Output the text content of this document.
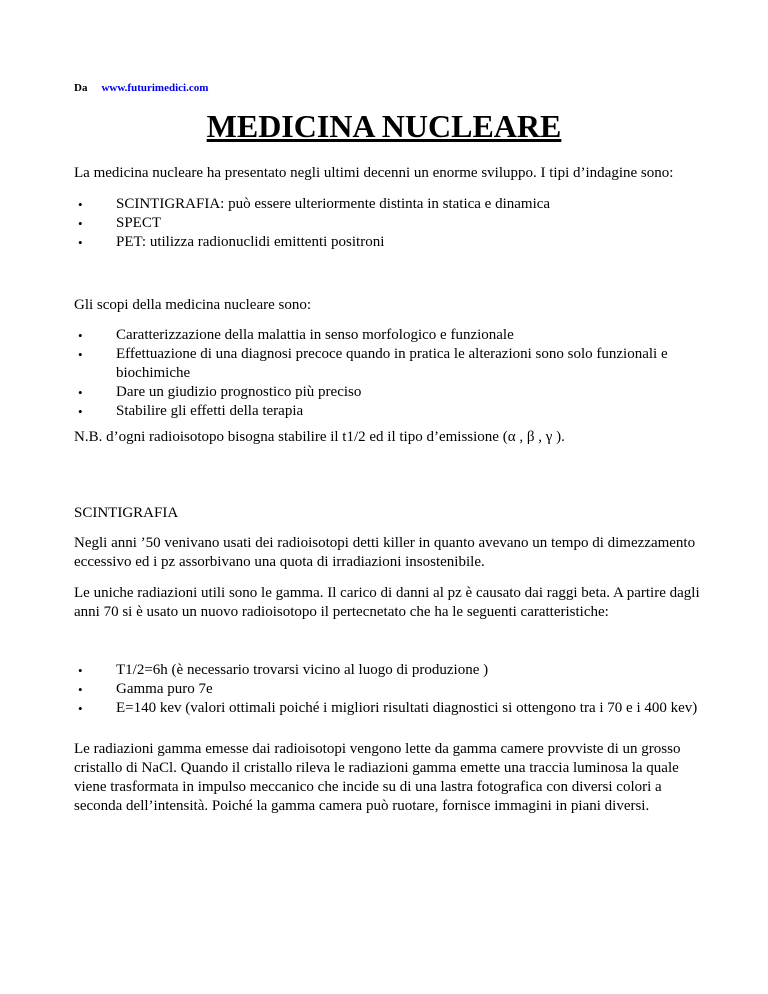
Da www.futurimedici.com
MEDICINA NUCLEARE

La medicina nucleare ha presentato negli ultimi decenni un enorme sviluppo. I tipi d’indagine sono:

• SCINTIGRAFIA: può essere ulteriormente distinta in statica e dinamica
• SPECT
• PET: utilizza radionuclidi emittenti positroni

Gli scopi della medicina nucleare sono:

• Caratterizzazione della malattia in senso morfologico e funzionale
• Effettuazione di una diagnosi precoce quando in pratica le alterazioni sono solo funzionali e biochimiche
• Dare un giudizio prognostico più preciso
• Stabilire gli effetti della terapia

N.B. d’ogni radioisotopo bisogna stabilire il t1/2 ed il tipo d’emissione (α , β , γ ).

SCINTIGRAFIA

Negli anni ’50 venivano usati dei radioisotopi detti killer in quanto avevano un tempo di dimezzamento eccessivo ed i pz assorbivano una quota di irradiazioni insostenibile.

Le uniche radiazioni utili sono le gamma. Il carico di danni al pz è causato dai raggi beta. A partire dagli anni 70 si è usato un nuovo radioisotopo il pertecnetato che ha le seguenti caratteristiche:

• T1/2=6h (è necessario trovarsi vicino al luogo di produzione )
• Gamma puro 7e
• E=140 kev (valori ottimali poiché i migliori risultati diagnostici si ottengono tra i 70 e i 400 kev)

Le radiazioni gamma emesse dai radioisotopi vengono lette da gamma camere provviste di un grosso cristallo di NaCl. Quando il cristallo rileva le radiazioni gamma emette una traccia luminosa la quale viene trasformata in impulso meccanico che incide su di una lastra fotografica con diversi colori a seconda dell’intensità. Poiché la gamma camera può ruotare, fornisce immagini in piani diversi.
